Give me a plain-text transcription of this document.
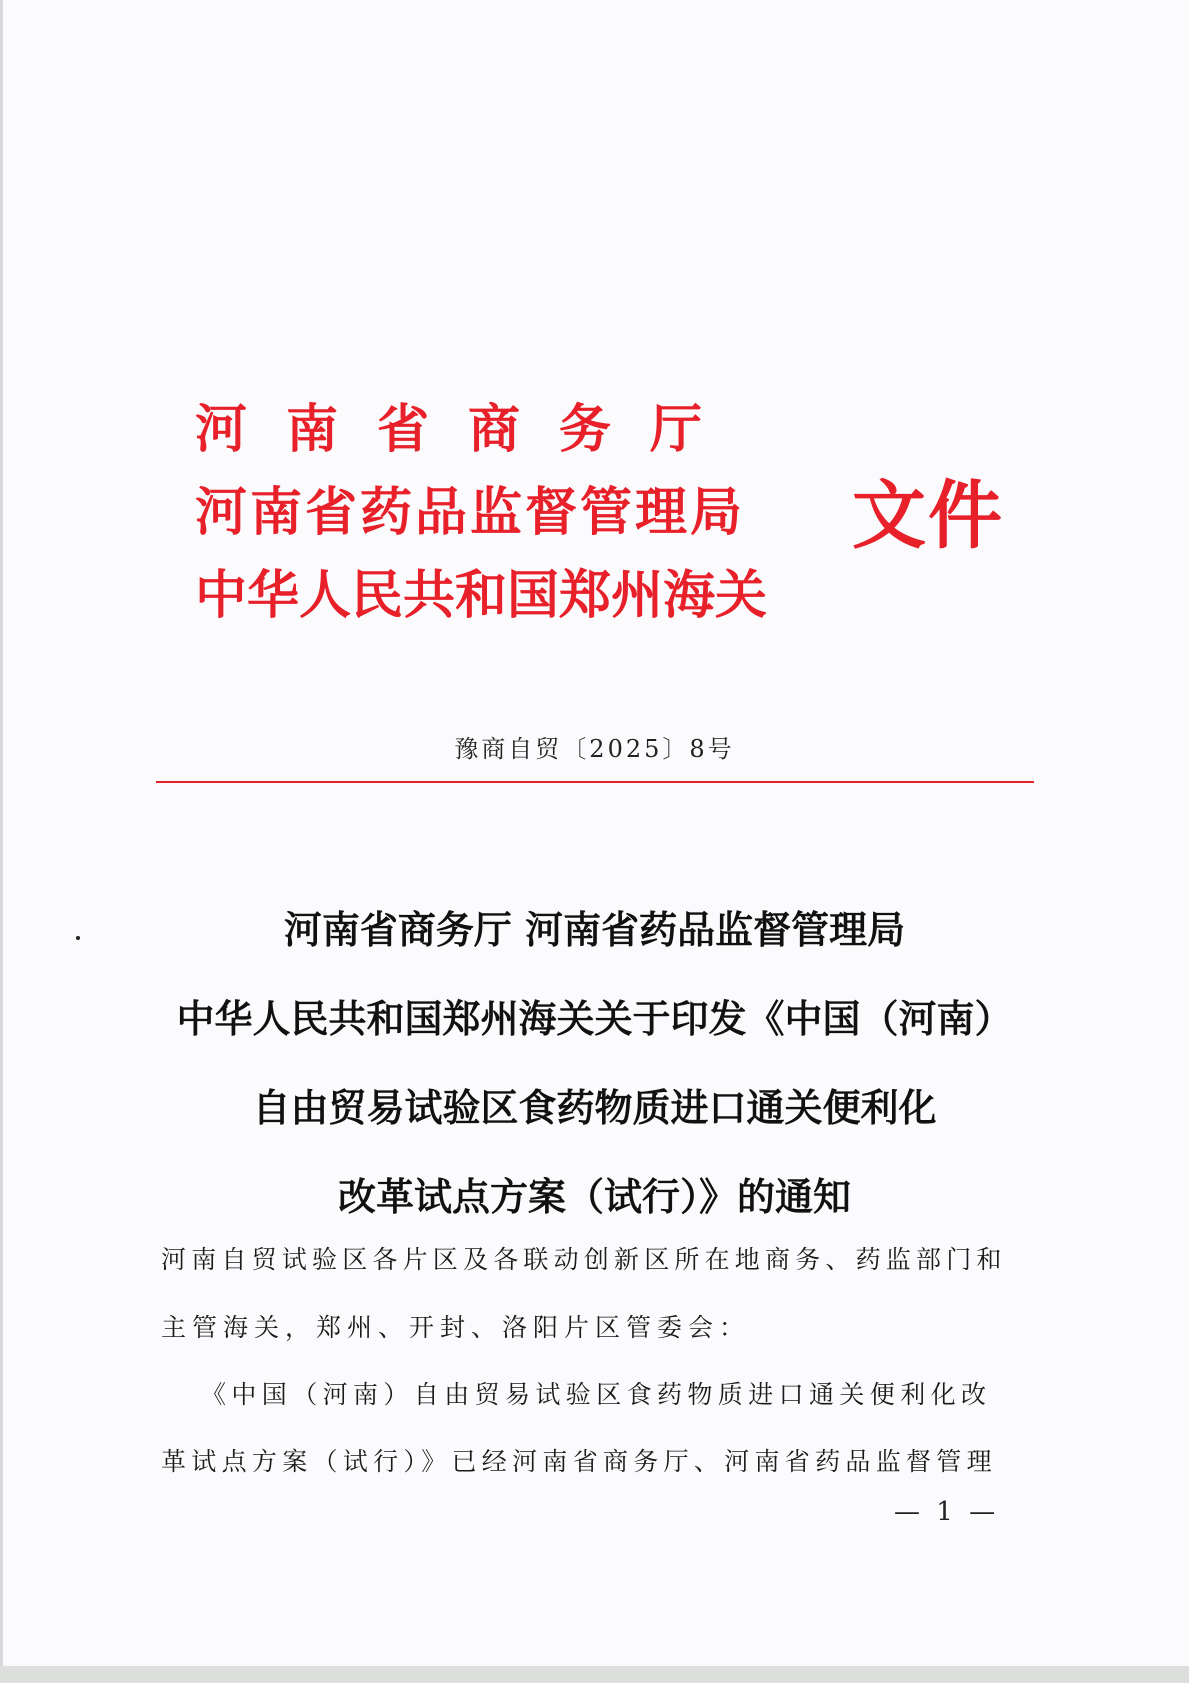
河南省商务厅
河南省药品监督管理局
中华人民共和国郑州海关
文件
豫商自贸〔2025〕8号
河南省商务厅 河南省药品监督管理局
中华人民共和国郑州海关关于印发《中国（河南）
自由贸易试验区食药物质进口通关便利化
改革试点方案（试行）》的通知
河南自贸试验区各片区及各联动创新区所在地商务、药监部门和
主管海关，郑州、开封、洛阳片区管委会：
《中国（河南）自由贸易试验区食药物质进口通关便利化改
革试点方案（试行）》已经河南省商务厅、河南省药品监督管理
— 1 —
